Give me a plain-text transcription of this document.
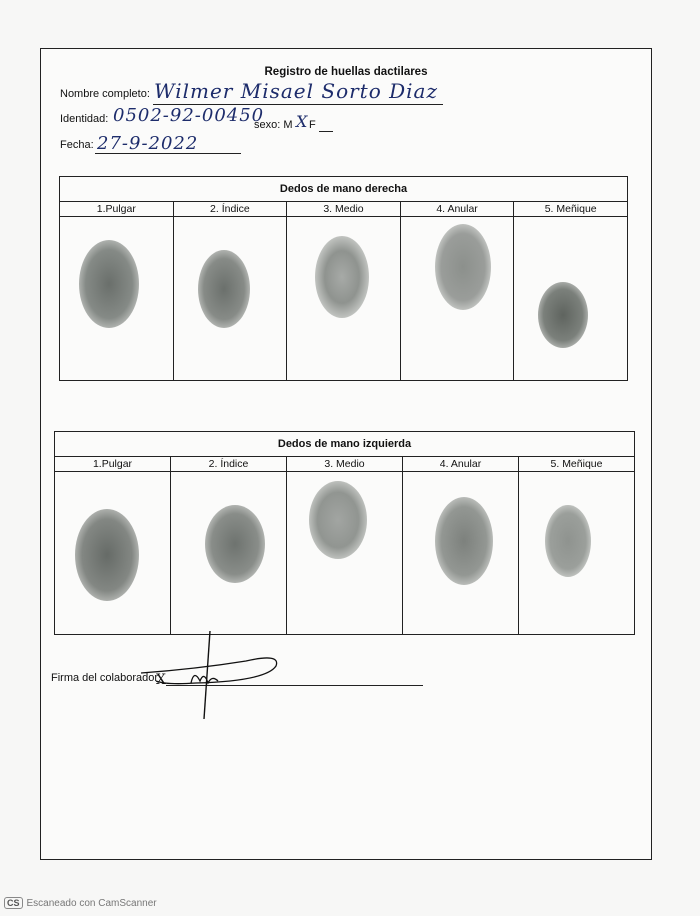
Registro de huellas dactilares
Nombre completo: Wilmer Misael Sorto Diaz
Identidad: 0502-92-00450
sexo: M X F
Fecha: 27-9-2022
Dedos de mano derecha
1.Pulgar	2. Índice	3. Medio	4. Anular	5. Meñique
Dedos de mano izquierda
1.Pulgar	2. Índice	3. Medio	4. Anular	5. Meñique
Firma del colaborador
X
CS Escaneado con CamScanner
